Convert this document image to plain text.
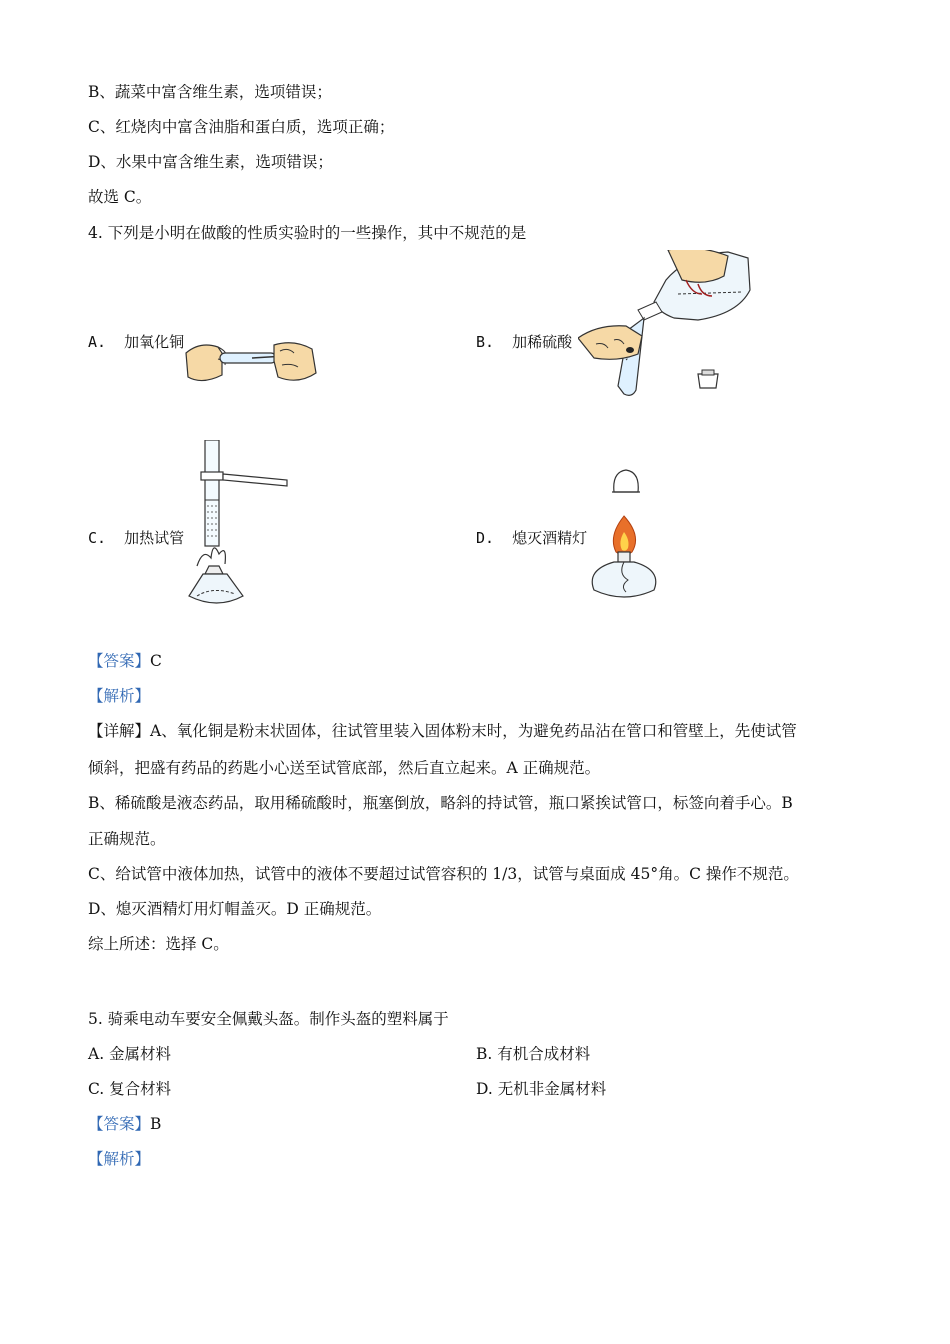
B、蔬菜中富含维生素，选项错误；
C、红烧肉中富含油脂和蛋白质，选项正确；
D、水果中富含维生素，选项错误；
故选 C。
4. 下列是小明在做酸的性质实验时的一些操作，其中不规范的是
A. 加氧化铜	B. 加稀硫酸
C. 加热试管	D. 熄灭酒精灯
【答案】C
【解析】
【详解】A、氧化铜是粉末状固体，往试管里装入固体粉末时，为避免药品沾在管口和管壁上，先使试管
倾斜，把盛有药品的药匙小心送至试管底部，然后直立起来。A 正确规范。
B、稀硫酸是液态药品，取用稀硫酸时，瓶塞倒放，略斜的持试管，瓶口紧挨试管口，标签向着手心。B
正确规范。
C、给试管中液体加热，试管中的液体不要超过试管容积的 1/3，试管与桌面成 45°角。C 操作不规范。
D、熄灭酒精灯用灯帽盖灭。D 正确规范。
综上所述：选择 C。
5. 骑乘电动车要安全佩戴头盔。制作头盔的塑料属于
A. 金属材料	B. 有机合成材料
C. 复合材料	D. 无机非金属材料
【答案】B
【解析】
